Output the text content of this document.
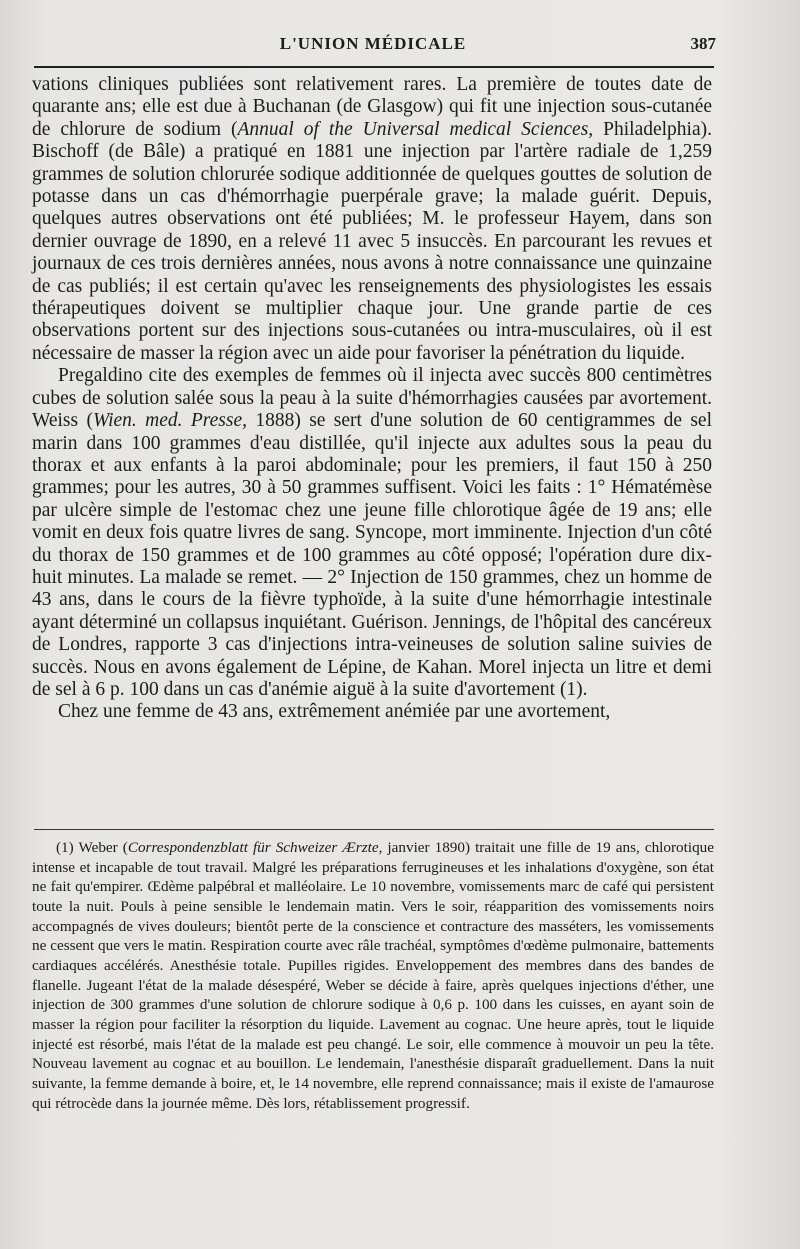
L'UNION MÉDICALE	387

vations cliniques publiées sont relativement rares. La première de toutes date de quarante ans; elle est due à Buchanan (de Glasgow) qui fit une injection sous-cutanée de chlorure de sodium (Annual of the Universal medical Sciences, Philadelphia). Bischoff (de Bâle) a pratiqué en 1881 une injection par l'artère radiale de 1,259 grammes de solution chlorurée sodique additionnée de quelques gouttes de solution de potasse dans un cas d'hémorrhagie puerpérale grave; la malade guérit. Depuis, quelques autres observations ont été publiées; M. le professeur Hayem, dans son dernier ouvrage de 1890, en a relevé 11 avec 5 insuccès. En parcourant les revues et journaux de ces trois dernières années, nous avons à notre connaissance une quinzaine de cas publiés; il est certain qu'avec les renseignements des physiologistes les essais thérapeutiques doivent se multiplier chaque jour. Une grande partie de ces observations portent sur des injections sous-cutanées ou intra-musculaires, où il est nécessaire de masser la région avec un aide pour favoriser la pénétration du liquide.

Pregaldino cite des exemples de femmes où il injecta avec succès 800 centimètres cubes de solution salée sous la peau à la suite d'hémorrhagies causées par avortement. Weiss (Wien. med. Presse, 1888) se sert d'une solution de 60 centigrammes de sel marin dans 100 grammes d'eau distillée, qu'il injecte aux adultes sous la peau du thorax et aux enfants à la paroi abdominale; pour les premiers, il faut 150 à 250 grammes; pour les autres, 30 à 50 grammes suffisent. Voici les faits : 1° Hématémèse par ulcère simple de l'estomac chez une jeune fille chlorotique âgée de 19 ans; elle vomit en deux fois quatre livres de sang. Syncope, mort imminente. Injection d'un côté du thorax de 150 grammes et de 100 grammes au côté opposé; l'opération dure dix-huit minutes. La malade se remet. — 2° Injection de 150 grammes, chez un homme de 43 ans, dans le cours de la fièvre typhoïde, à la suite d'une hémorrhagie intestinale ayant déterminé un collapsus inquiétant. Guérison. Jennings, de l'hôpital des cancéreux de Londres, rapporte 3 cas d'injections intra-veineuses de solution saline suivies de succès. Nous en avons également de Lépine, de Kahan. Morel injecta un litre et demi de sel à 6 p. 100 dans un cas d'anémie aiguë à la suite d'avortement (1).

Chez une femme de 43 ans, extrêmement anémiée par une avortement,

(1) Weber (Correspondenzblatt für Schweizer Ærzte, janvier 1890) traitait une fille de 19 ans, chlorotique intense et incapable de tout travail. Malgré les préparations ferrugineuses et les inhalations d'oxygène, son état ne fait qu'empirer. Œdème palpébral et malléolaire. Le 10 novembre, vomissements marc de café qui persistent toute la nuit. Pouls à peine sensible le lendemain matin. Vers le soir, réapparition des vomissements noirs accompagnés de vives douleurs; bientôt perte de la conscience et contracture des masséters, les vomissements ne cessent que vers le matin. Respiration courte avec râle trachéal, symptômes d'œdème pulmonaire, battements cardiaques accélérés. Anesthésie totale. Pupilles rigides. Enveloppement des membres dans des bandes de flanelle. Jugeant l'état de la malade désespéré, Weber se décide à faire, après quelques injections d'éther, une injection de 300 grammes d'une solution de chlorure sodique à 0,6 p. 100 dans les cuisses, en ayant soin de masser la région pour faciliter la résorption du liquide. Lavement au cognac. Une heure après, tout le liquide injecté est résorbé, mais l'état de la malade est peu changé. Le soir, elle commence à mouvoir un peu la tête. Nouveau lavement au cognac et au bouillon. Le lendemain, l'anesthésie disparaît graduellement. Dans la nuit suivante, la femme demande à boire, et, le 14 novembre, elle reprend connaissance; mais il existe de l'amaurose qui rétrocède dans la journée même. Dès lors, rétablissement progressif.
